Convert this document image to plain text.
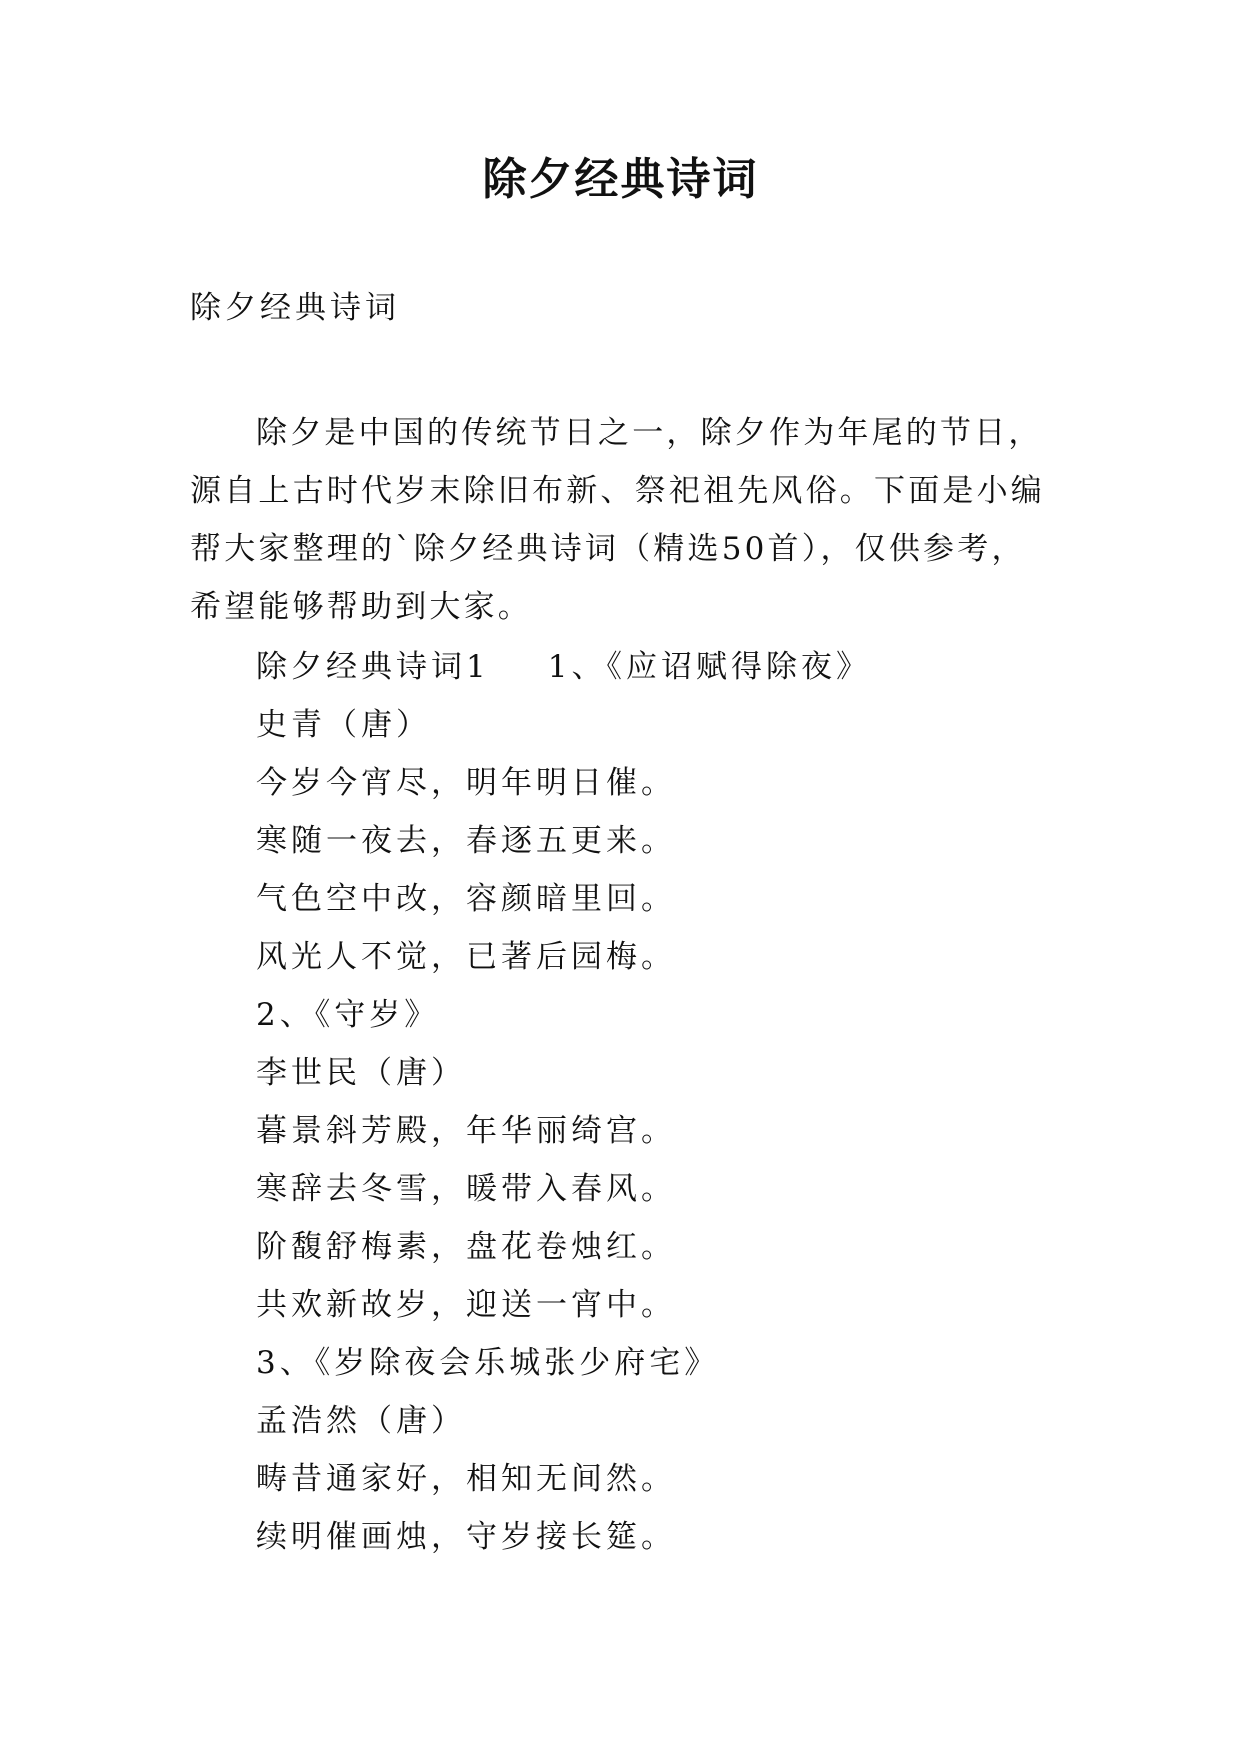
除夕经典诗词

除夕经典诗词

除夕是中国的传统节日之一，除夕作为年尾的节日，源自上古时代岁末除旧布新、祭祀祖先风俗。下面是小编帮大家整理的`除夕经典诗词（精选50首），仅供参考，希望能够帮助到大家。

除夕经典诗词1 1、《应诏赋得除夜》
史青（唐）
今岁今宵尽，明年明日催。
寒随一夜去，春逐五更来。
气色空中改，容颜暗里回。
风光人不觉，已著后园梅。
2、《守岁》
李世民（唐）
暮景斜芳殿，年华丽绮宫。
寒辞去冬雪，暖带入春风。
阶馥舒梅素，盘花卷烛红。
共欢新故岁，迎送一宵中。
3、《岁除夜会乐城张少府宅》
孟浩然（唐）
畴昔通家好，相知无间然。
续明催画烛，守岁接长筵。
